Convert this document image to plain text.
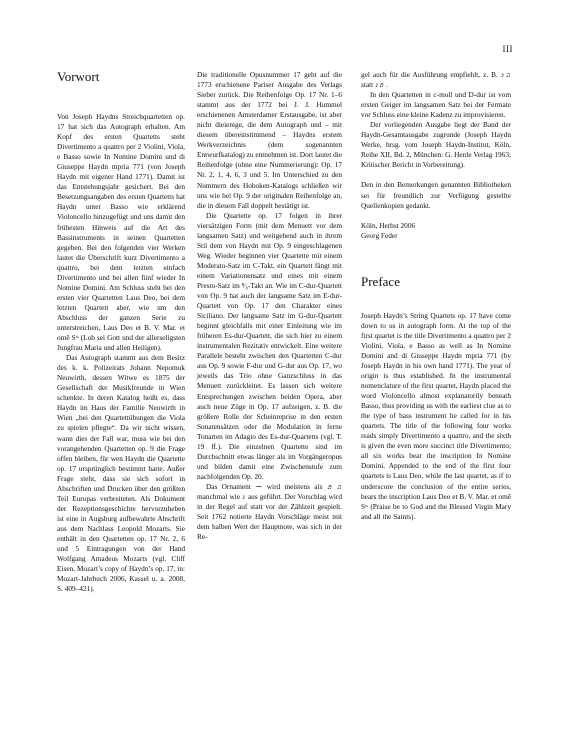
III
Vorwort

Von Joseph Haydns Streichquartetten op. 17 hat sich das Autograph erhalten. Am Kopf des ersten Quartetts steht Divertimento a quattro per 2 Violini, Viola, e Basso sowie In Nomine Domini und di Giuseppe Haydn mpria 771 (von Joseph Haydn mit eigener Hand 1771). Damit ist das Entstehungsjahr gesichert. Bei den Besetzungsangaben des ersten Quartetts hat Haydn unter Basso wie erklärend Violoncello hinzugefügt und uns damit den frühesten Hinweis auf die Art des Bassinstruments in seinen Quartetten gegeben. Bei den folgenden vier Werken lautet die Überschrift kurz Divertimento a quattro, bei dem letzten einfach Divertimento und bei allen fünf wieder In Nomine Domini. Am Schluss steht bei den ersten vier Quartetten Laus Deo, bei dem letzten Quartett aber, wie um den Abschluss der ganzen Serie zu unterstreichen, Laus Deo et B. V. Mar. et omê Sᵗˢ (Lob sei Gott und der allerseligsten Jungfrau Maria und allen Heiligen).

Das Autograph stammt aus dem Besitz des k. k. Polizeirats Johann Nepomuk Neuwirth, dessen Witwe es 1875 der Gesellschaft der Musikfreunde in Wien schenkte. In deren Katalog heißt es, dass Haydn im Haus der Familie Neuwirth in Wien „bei den Quartettübungen die Viola zu spielen pflegte“. Da wir nicht wissen, wann dies der Fall war, muss wie bei den vorangehenden Quartetten op. 9 die Frage offen bleiben, für wen Haydn die Quartette op. 17 ursprünglich bestimmt hatte. Außer Frage steht, dass sie sich sofort in Abschriften und Drucken über den größten Teil Europas verbreiteten. Als Dokument der Rezeptionsgeschichte hervorzuheben ist eine in Augsburg aufbewahrte Abschrift aus dem Nachlass Leopold Mozarts. Sie enthält in den Quartetten op. 17 Nr. 2, 6 und 5 Eintragungen von der Hand Wolfgang Amadeus Mozarts (vgl. Cliff Eisen, Mozart’s copy of Haydn’s op. 17, in: Mozart-Jahrbuch 2006, Kassel u. a. 2008, S. 409–421).

Die traditionelle Opusnummer 17 geht auf die 1773 erschienene Pariser Ausgabe des Verlags Sieber zurück. Die Reihenfolge Op. 17 Nr. 1–6 stammt aus der 1772 bei J. J. Hummel erschienenen Amsterdamer Erstausgabe, ist aber nicht dieienige, die dem Autograph und – mit diesem übereinstimmend – Haydns erstem Werkverzeichnis (dem sogenannten Entwurfkatalog) zu entnehmen ist. Dort lautet die Reihenfolge (ohne eine Nummerierung): Op. 17 Nr. 2, 1, 4, 6, 3 und 5. Im Unterschied zu den Nummern des Hoboken-Katalogs schließen wir uns wie bei Op. 9 der originalen Reihenfolge an, die in diesem Fall doppelt bestätigt ist.

Die Quartette op. 17 folgen in ihrer viersätzigen Form (mit dem Menuett vor dem langsamen Satz) und weitgehend auch in ihrem Stil dem von Haydn mit Op. 9 eingeschlagenen Weg. Wieder beginnen vier Quartette mit einem Moderato-Satz im C-Takt, ein Quartett fängt mit einem Variationensatz und eines mit einem Presto-Satz im ⁸⁄₈-Takt an. Wie im C-dur-Quartett von Op. 9 hat auch der langsame Satz im E-dur-Quartett von Op. 17 den Charakter eines Siciliano. Der langsame Satz im G-dur-Quartett beginnt gleichfalls mit einer Einleitung wie im früheren Es-dur-Quartett, die sich hier zu einem instrumentalen Rezitativ entwickelt. Eine weitere Parallele besteht zwischen den Quartetten C-dur aus Op. 9 sowie F-dur und G-dur aus Op. 17, wo jeweils das Trio ohne Ganzschluss in das Menuett zurückleitet. Es lassen sich weitere Entsprechungen zwischen beiden Opera, aber auch neue Züge in Op. 17 aufzeigen, z. B. die größere Rolle der Scheinreprise in den ersten Sonatensätzen oder die Modulation in ferne Tonarten im Adagio des Es-dur-Quartetts (vgl. T. 19 ff.). Die einzelnen Quartette sind im Durchschnitt etwas länger als im Vorgängeropus und bilden damit eine Zwischenstufe zum nachfolgenden Op. 20.

Das Ornament ⁓ wird meistens als ♬♫ manchmal wie ♪ aus geführt. Der Vorschlag wird in der Regel auf statt vor der Zählzeit gespielt. Seit 1762 notierte Haydn Vorschläge meist mit dem halben Wert der Hauptnote, was sich in der Re-

gel auch für die Ausführung empfiehlt, z. B. ♪♫ statt ♪♬.

In den Quartetten in c-moll und D-dur ist vom ersten Geiger im langsamen Satz bei der Fermate vor Schluss eine kleine Kadenz zu improvisieren.

Der vorliegenden Ausgabe liegt der Band der Haydn-Gesamtausgabe zugrunde (Joseph Haydn Werke, hrsg. vom Joseph Haydn-Institut, Köln, Reihe XII, Bd. 2, München: G. Henle Verlag 1963; Kritischer Bericht in Vorbereitung).

Den in den Bemerkungen genannten Bibliotheken sei für freundlich zur Verfügung gestellte Quellenkopien gedankt.

Köln, Herbst 2006

Georg Feder

Preface

Joseph Haydn’s String Quartets op. 17 have come down to us in autograph form. At the top of the first quartet is the title Divertimento a quattro per 2 Violini, Viola, e Basso as well as In Nomine Domini and di Giuseppe Haydn mpria 771 (by Joseph Haydn in his own hand 1771). The year of origin is thus established. In the instrumental nomenclature of the first quartet, Haydn placed the word Violoncello almost explanatorily beneath Basso, thus providing us with the earliest clue as to the type of bass instrument he called for in his quartets. The title of the following four works reads simply Divertimento a quattro, and the sixth is given the even more succinct title Divertimento; all six works bear the inscription In Nomine Domini. Appended to the end of the first four quartets is Laus Deo, while the last quartet, as if to underscore the conclusion of the entire series, bears the inscription Laus Deo et B. V. Mar. et omê Sᵗˢ (Praise be to God and the Blessed Virgin Mary and all the Saints).
